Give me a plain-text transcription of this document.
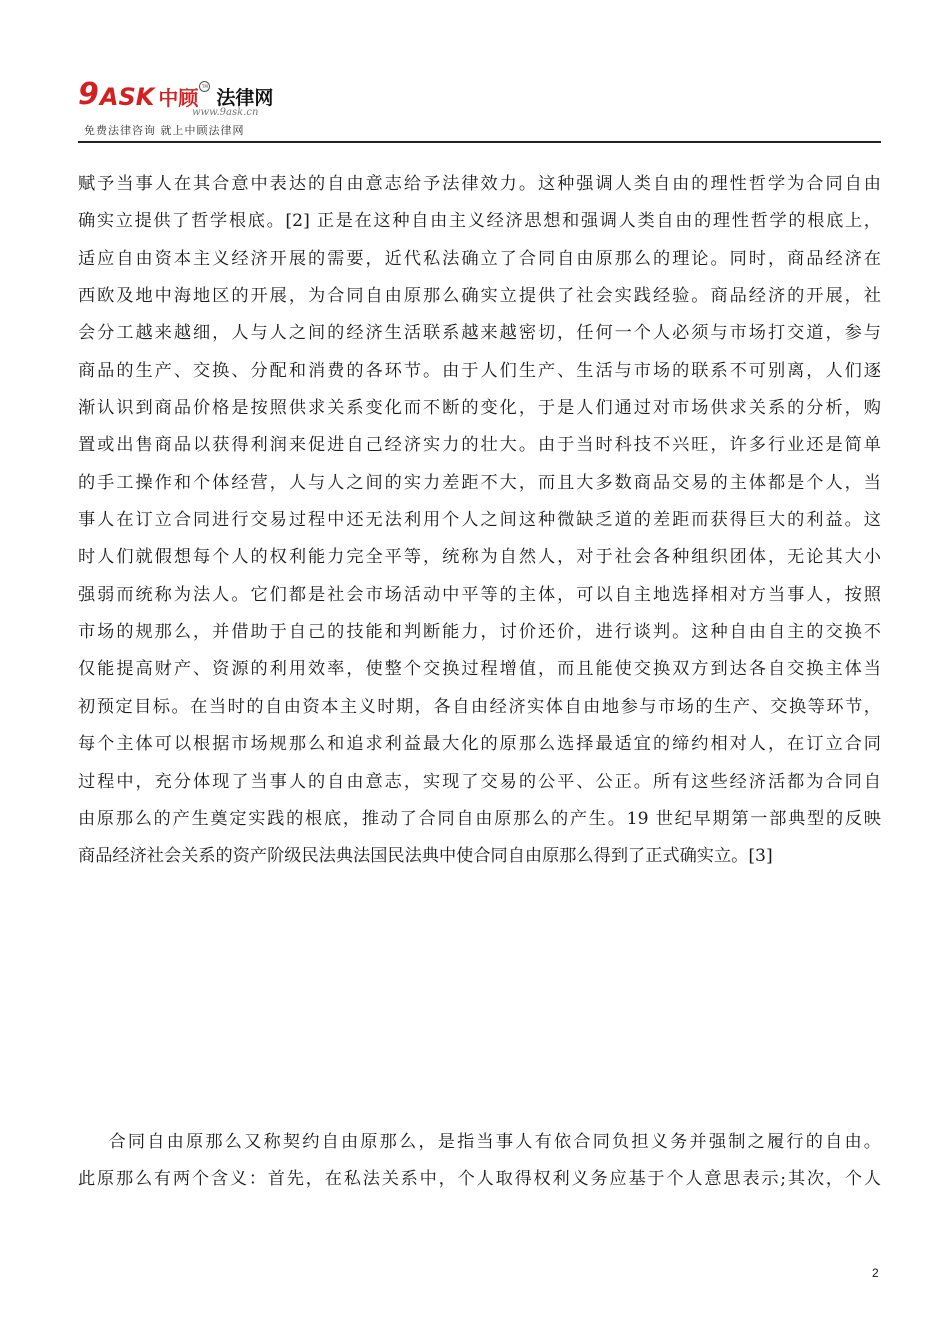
9 ASK 中顾 TM
法律网
www.9ask.cn
免费法律咨询 就上中顾法律网
赋予当事人在其合意中表达的自由意志给予法律效力。这种强调人类自由的理性哲学为合同自由
确实立提供了哲学根底。[2] 正是在这种自由主义经济思想和强调人类自由的理性哲学的根底上，
适应自由资本主义经济开展的需要，近代私法确立了合同自由原那么的理论。同时，商品经济在
西欧及地中海地区的开展，为合同自由原那么确实立提供了社会实践经验。商品经济的开展，社
会分工越来越细，人与人之间的经济生活联系越来越密切，任何一个人必须与市场打交道，参与
商品的生产、交换、分配和消费的各环节。由于人们生产、生活与市场的联系不可别离，人们逐
渐认识到商品价格是按照供求关系变化而不断的变化，于是人们通过对市场供求关系的分析，购
置或出售商品以获得利润来促进自己经济实力的壮大。由于当时科技不兴旺，许多行业还是简单
的手工操作和个体经营，人与人之间的实力差距不大，而且大多数商品交易的主体都是个人，当
事人在订立合同进行交易过程中还无法利用个人之间这种微缺乏道的差距而获得巨大的利益。这
时人们就假想每个人的权利能力完全平等，统称为自然人，对于社会各种组织团体，无论其大小
强弱而统称为法人。它们都是社会市场活动中平等的主体，可以自主地选择相对方当事人，按照
市场的规那么，并借助于自己的技能和判断能力，讨价还价，进行谈判。这种自由自主的交换不
仅能提高财产、资源的利用效率，使整个交换过程增值，而且能使交换双方到达各自交换主体当
初预定目标。在当时的自由资本主义时期，各自由经济实体自由地参与市场的生产、交换等环节，
每个主体可以根据市场规那么和追求利益最大化的原那么选择最适宜的缔约相对人，在订立合同
过程中，充分体现了当事人的自由意志，实现了交易的公平、公正。所有这些经济活都为合同自
由原那么的产生奠定实践的根底，推动了合同自由原那么的产生。19 世纪早期第一部典型的反映
商品经济社会关系的资产阶级民法典法国民法典中使合同自由原那么得到了正式确实立。[3]
合同自由原那么又称契约自由原那么，是指当事人有依合同负担义务并强制之履行的自由。
此原那么有两个含义：首先，在私法关系中，个人取得权利义务应基于个人意思表示;其次，个人
2
